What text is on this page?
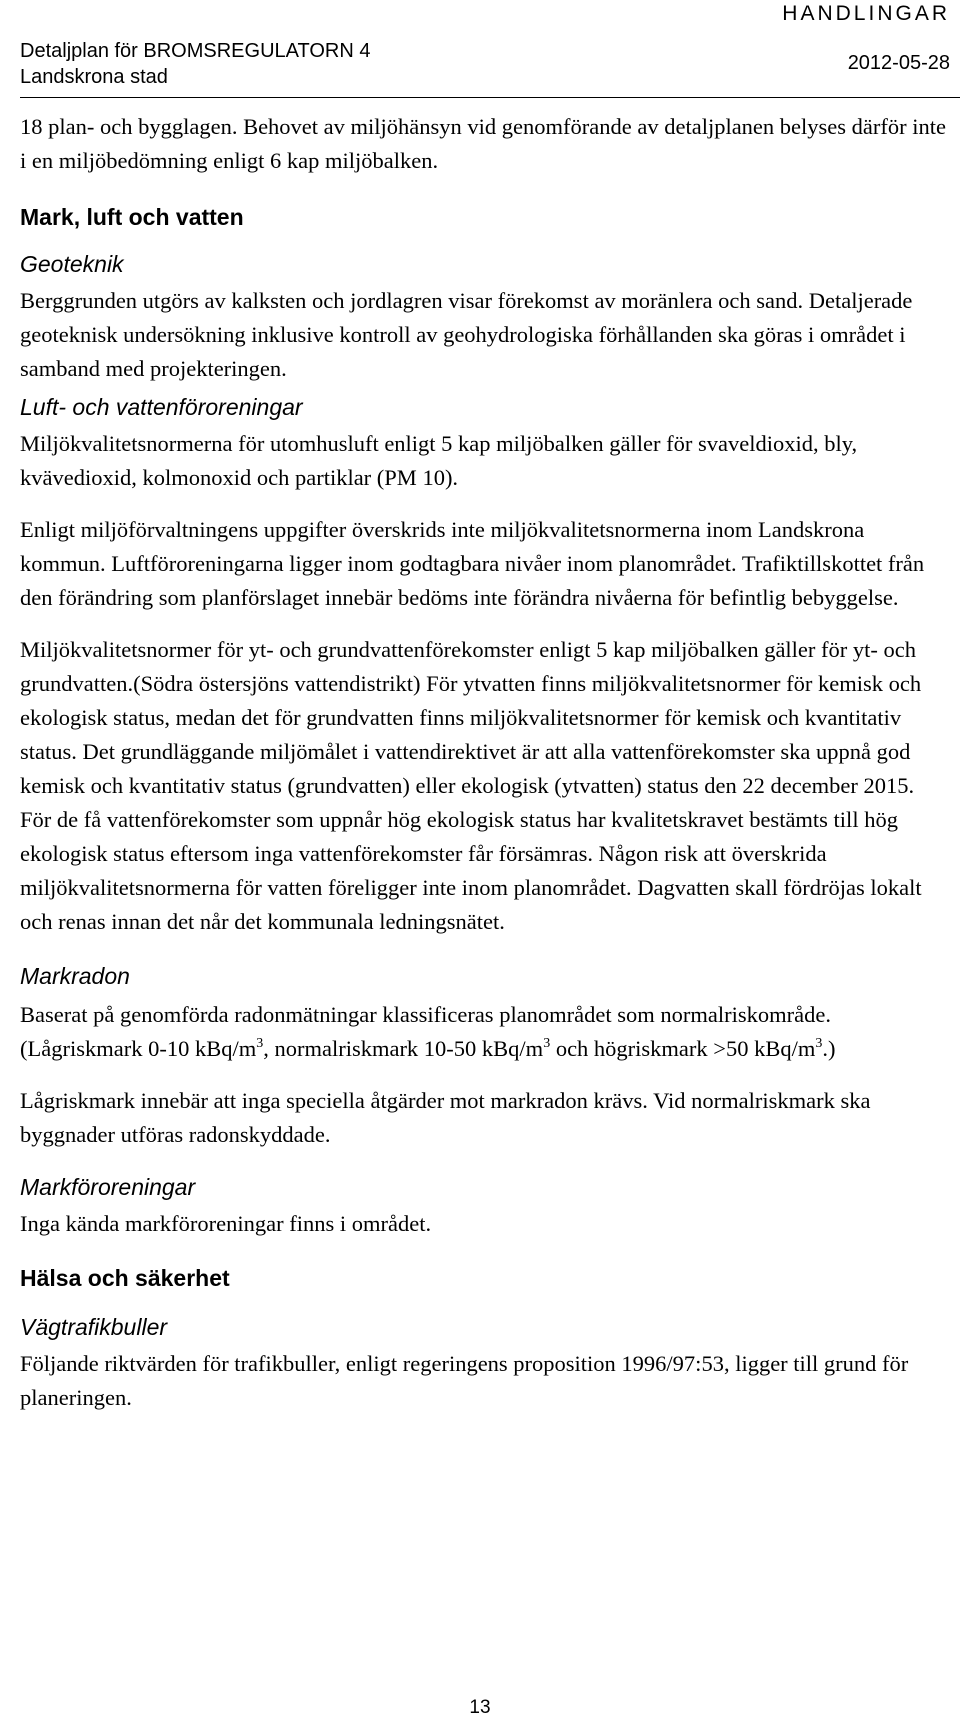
HANDLINGAR
Detaljplan för BROMSREGULATORN 4
Landskrona stad
2012-05-28

18 plan- och bygglagen. Behovet av miljöhänsyn vid genomförande av detaljplanen belyses därför inte i en miljöbedömning enligt 6 kap miljöbalken.

Mark, luft och vatten

Geoteknik

Berggrunden utgörs av kalksten och jordlagren visar förekomst av moränlera och sand. Detaljerade geoteknisk undersökning inklusive kontroll av geohydrologiska förhållanden ska göras i området i samband med projekteringen.

Luft- och vattenföroreningar

Miljökvalitetsnormerna för utomhusluft enligt 5 kap miljöbalken gäller för svaveldioxid, bly, kvävedioxid, kolmonoxid och partiklar (PM 10).

Enligt miljöförvaltningens uppgifter överskrids inte miljökvalitetsnormerna inom Landskrona kommun. Luftföroreningarna ligger inom godtagbara nivåer inom planområdet. Trafiktillskottet från den förändring som planförslaget innebär bedöms inte förändra nivåerna för befintlig bebyggelse.

Miljökvalitetsnormer för yt- och grundvattenförekomster enligt 5 kap miljöbalken gäller för yt- och grundvatten.(Södra östersjöns vattendistrikt) För ytvatten finns miljökvalitetsnormer för kemisk och ekologisk status, medan det för grundvatten finns miljökvalitetsnormer för kemisk och kvantitativ status. Det grundläggande miljömålet i vattendirektivet är att alla vattenförekomster ska uppnå god kemisk och kvantitativ status (grundvatten) eller ekologisk (ytvatten) status den 22 december 2015. För de få vattenförekomster som uppnår hög ekologisk status har kvalitetskravet bestämts till hög ekologisk status eftersom inga vattenförekomster får försämras. Någon risk att överskrida miljökvalitetsnormerna för vatten föreligger inte inom planområdet. Dagvatten skall fördröjas lokalt och renas innan det når det kommunala ledningsnätet.

Markradon

Baserat på genomförda radonmätningar klassificeras planområdet som normalriskområde. (Lågriskmark 0-10 kBq/$m^3$, normalriskmark 10-50 kBq/$m^3$ och högriskmark >50 kBq/$m^3$.)

Lågriskmark innebär att inga speciella åtgärder mot markradon krävs. Vid normalriskmark ska byggnader utföras radonskyddade.

Markföroreningar

Inga kända markföroreningar finns i området.

Hälsa och säkerhet

Vägtrafikbuller

Följande riktvärden för trafikbuller, enligt regeringens proposition 1996/97:53, ligger till grund för planeringen.

13
